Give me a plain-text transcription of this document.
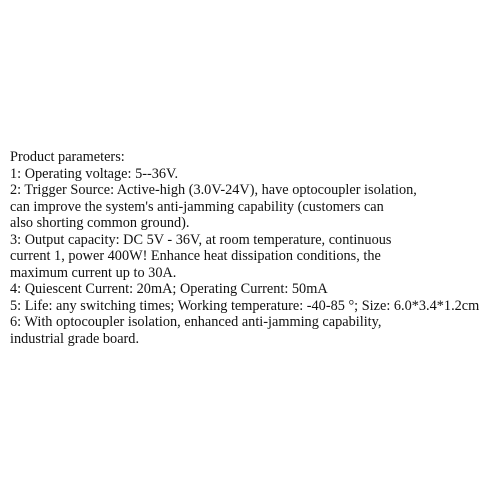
Product parameters:
1: Operating voltage: 5--36V.
2: Trigger Source: Active-high (3.0V-24V), have optocoupler isolation,
can improve the system's anti-jamming capability (customers can
also shorting common ground).
3: Output capacity: DC 5V - 36V, at room temperature, continuous
current 1, power 400W! Enhance heat dissipation conditions, the
maximum current up to 30A.
4: Quiescent Current: 20mA; Operating Current: 50mA
5: Life: any switching times; Working temperature: -40-85 °; Size: 6.0*3.4*1.2cm
6: With optocoupler isolation, enhanced anti-jamming capability,
industrial grade board.
